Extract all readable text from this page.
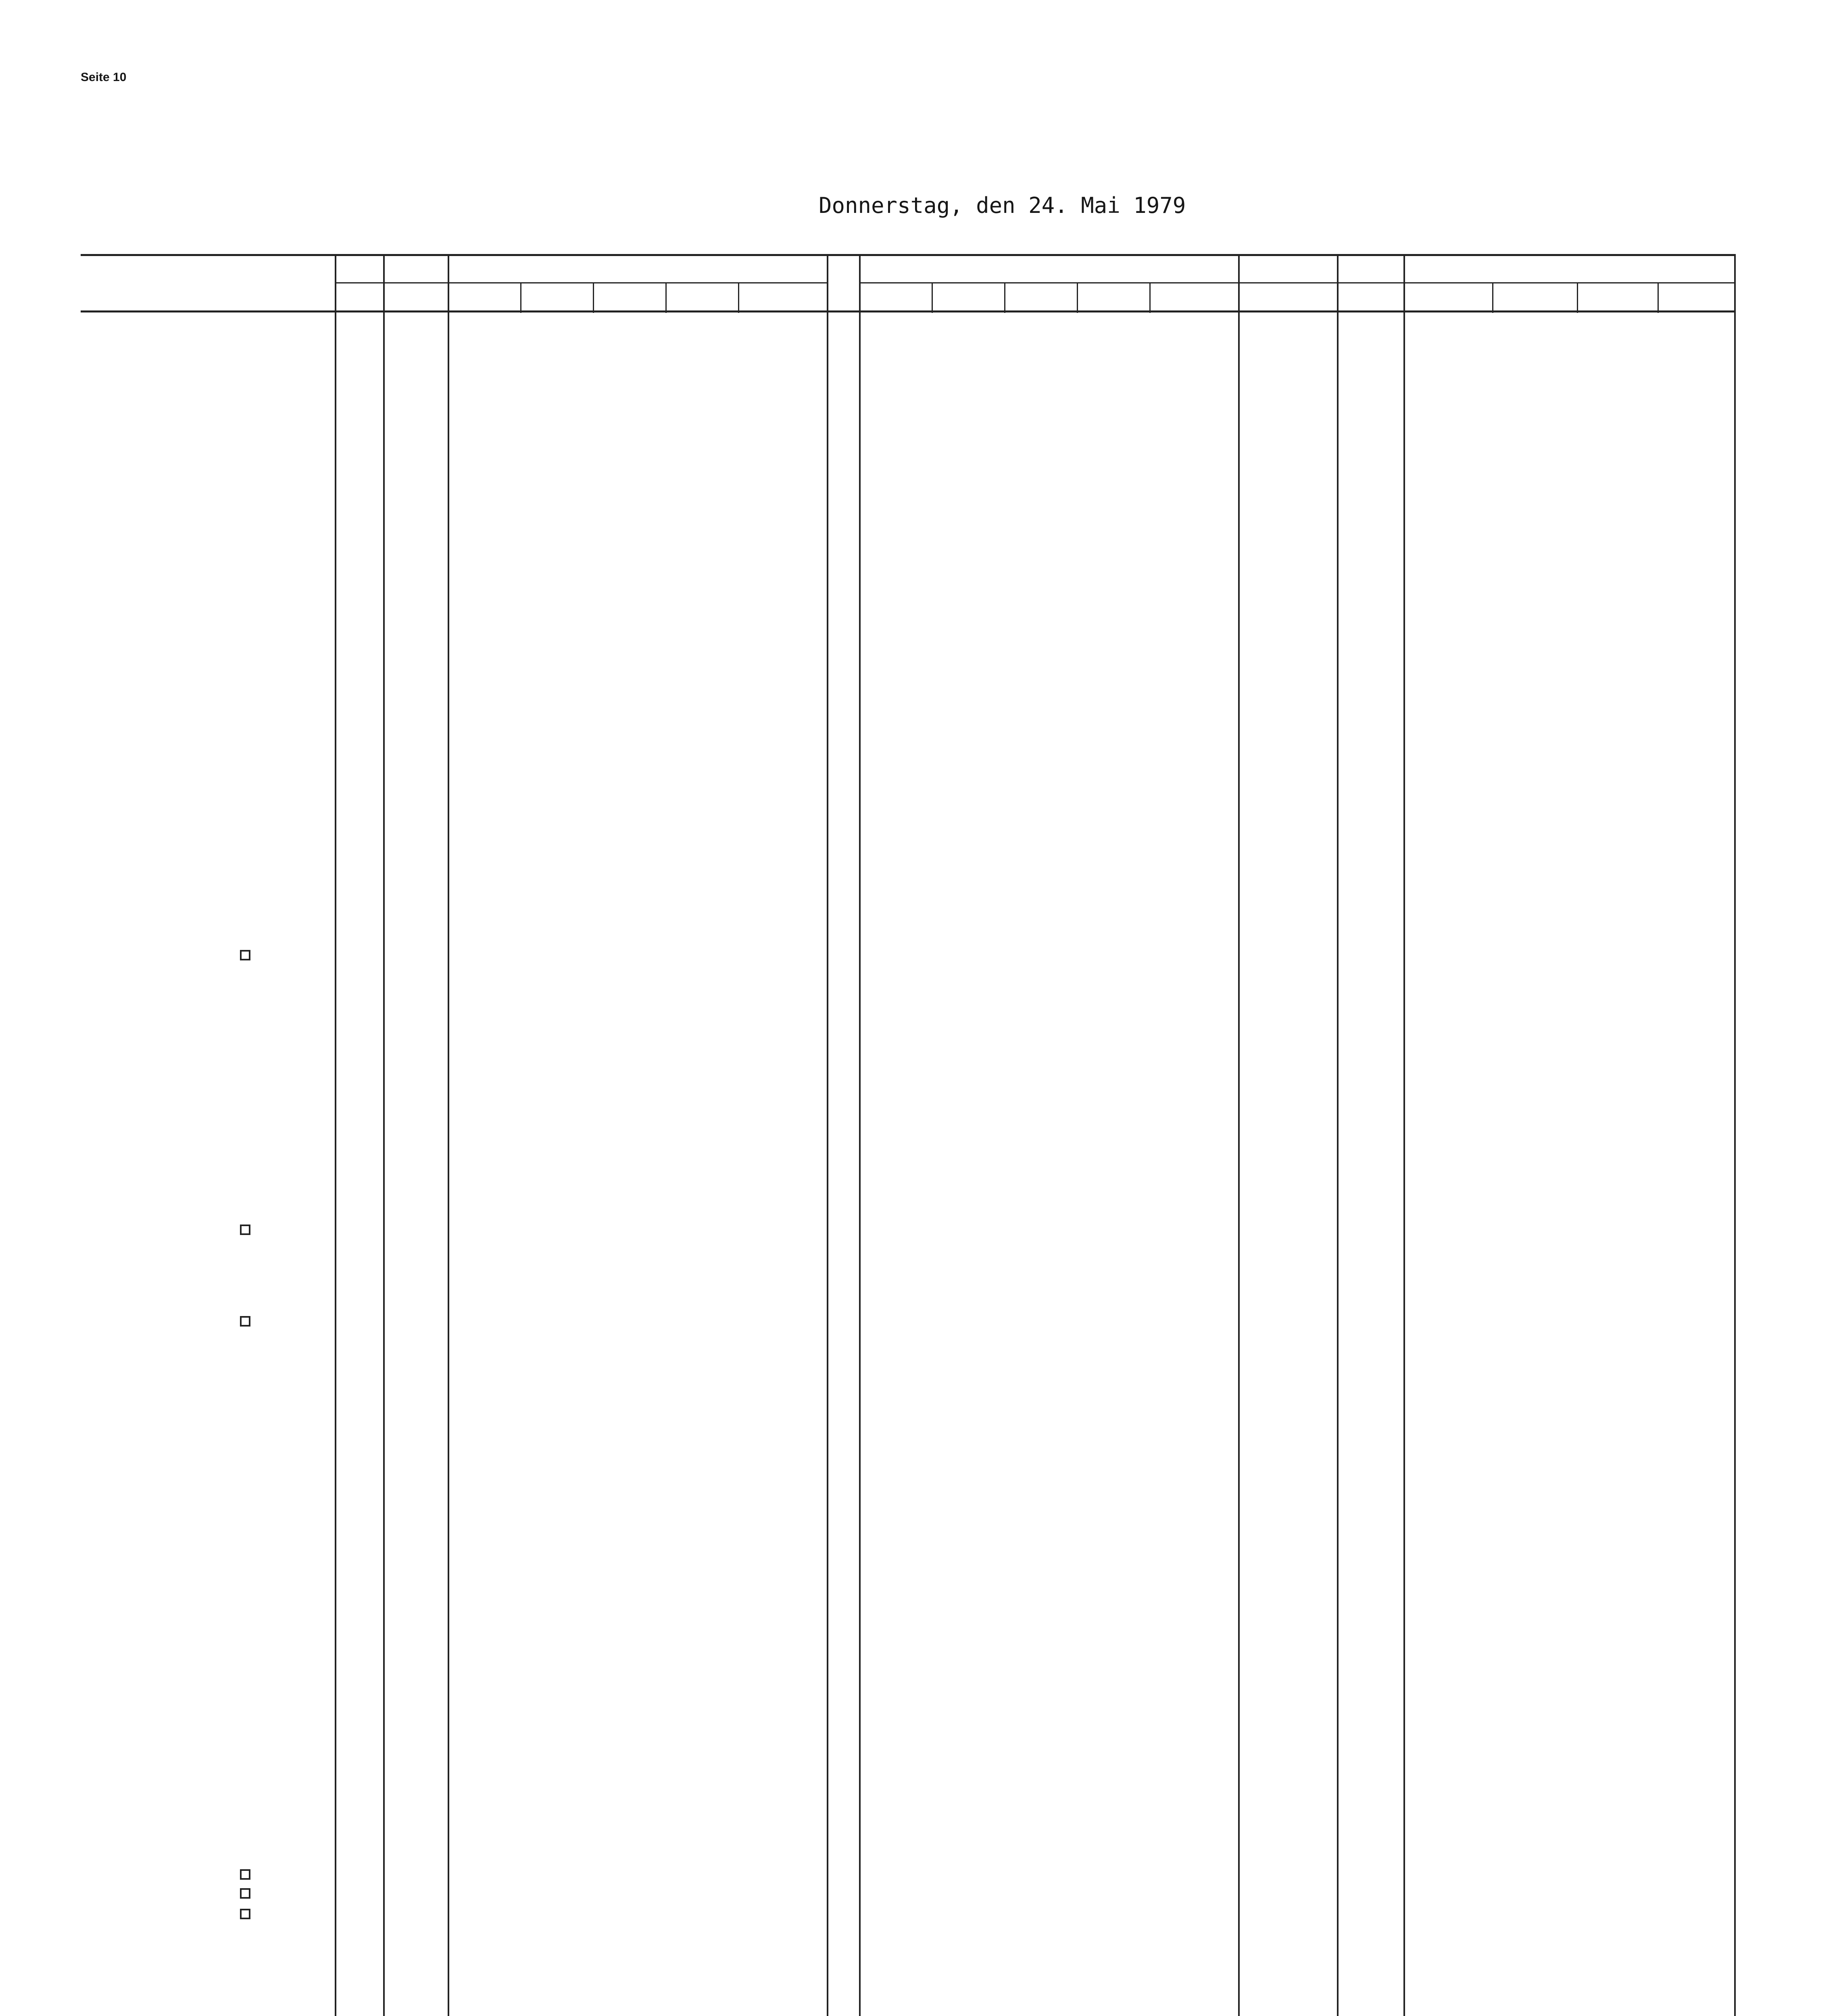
Seite 10
Donnerstag, den 24. Mai 1979
